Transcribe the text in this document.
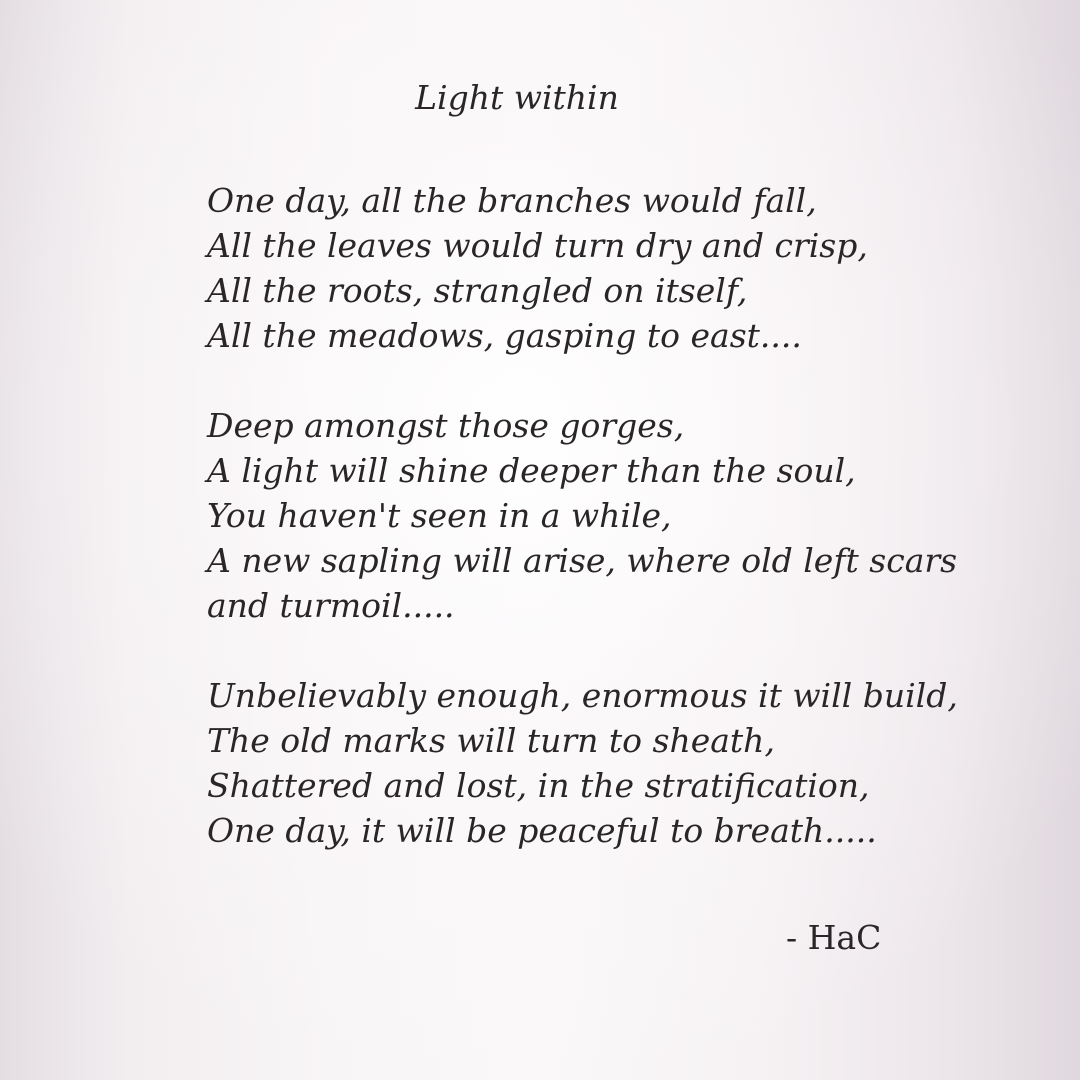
Light within

One day, all the branches would fall,
All the leaves would turn dry and crisp,
All the roots, strangled on itself,
All the meadows, gasping to east....

Deep amongst those gorges,
A light will shine deeper than the soul,
You haven't seen in a while,
A new sapling will arise, where old left scars
and turmoil.....

Unbelievably enough, enormous it will build,
The old marks will turn to sheath,
Shattered and lost, in the stratification,
One day, it will be peaceful to breath.....

- HaC
